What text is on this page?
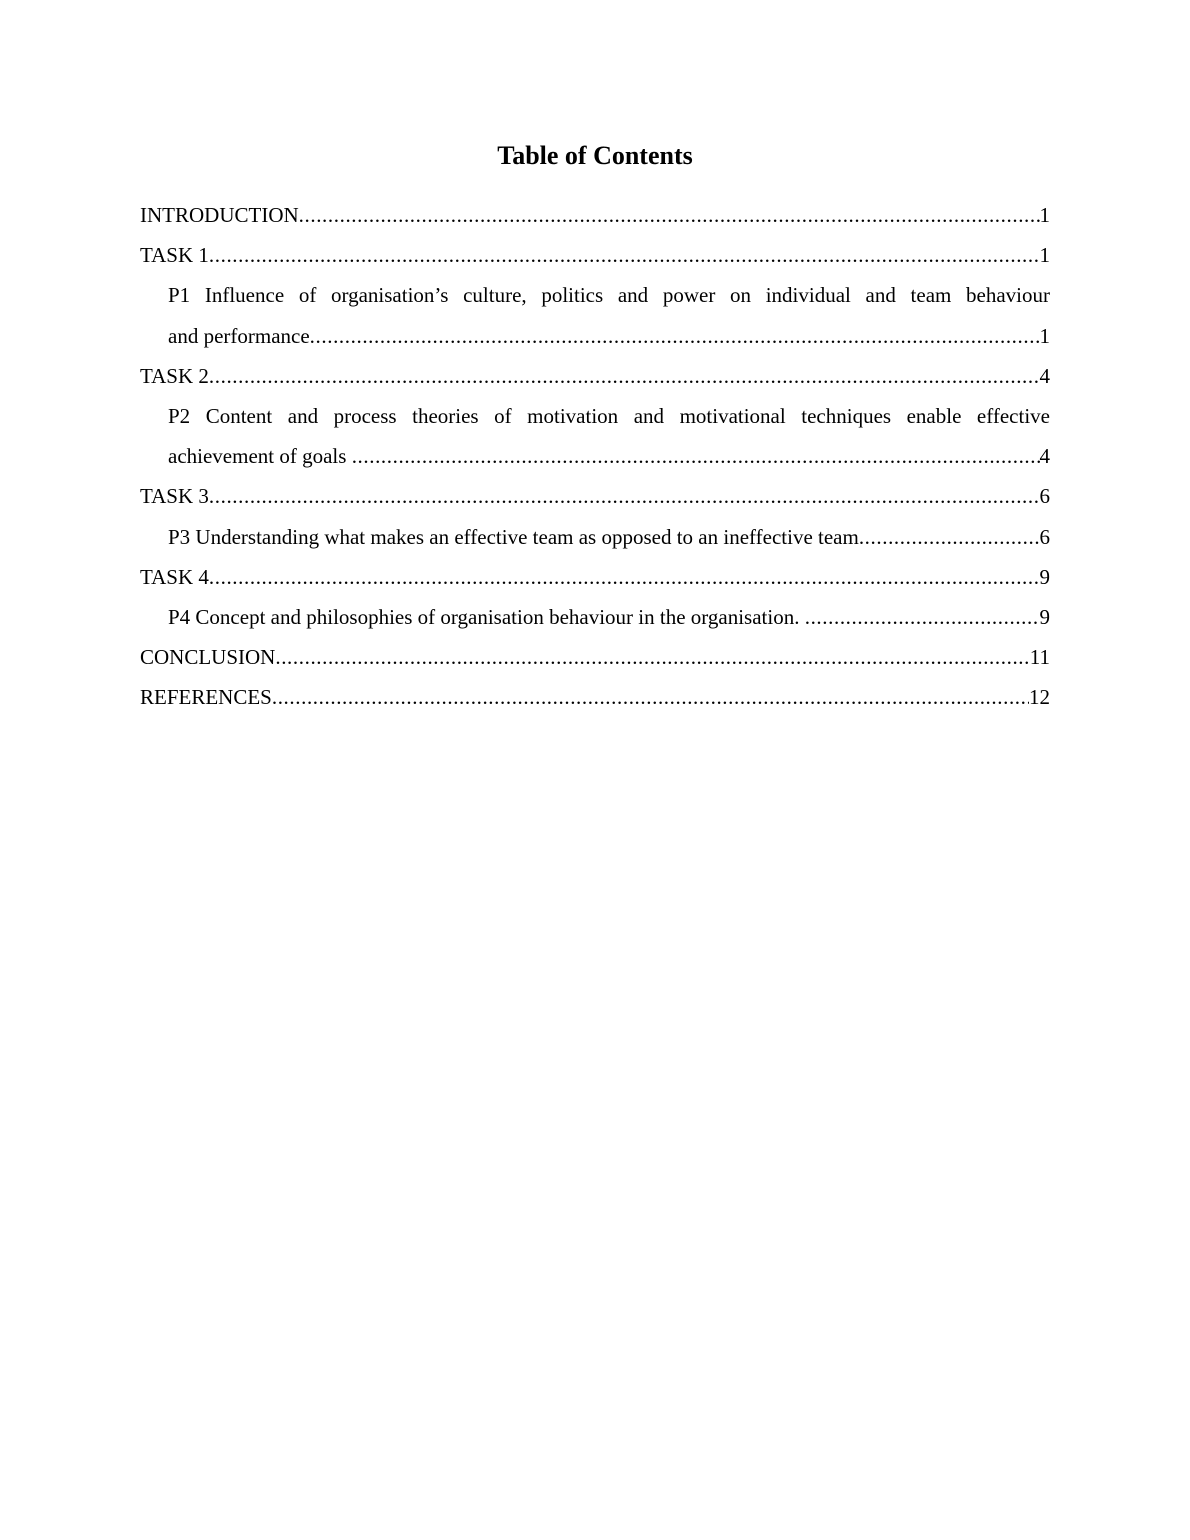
Table of Contents
INTRODUCTION .....	1
TASK 1 .....	1
P1 Influence of organisation’s culture, politics and power on individual and team behaviour
and performance .....	1
TASK 2 .....	4
P2 Content and process theories of motivation and motivational techniques enable effective
achievement of goals .....	4
TASK 3 .....	6
P3 Understanding what makes an effective team as opposed to an ineffective team .....	6
TASK 4 .....	9
P4 Concept and philosophies of organisation behaviour in the organisation. .....	9
CONCLUSION .....	11
REFERENCES .....	12
